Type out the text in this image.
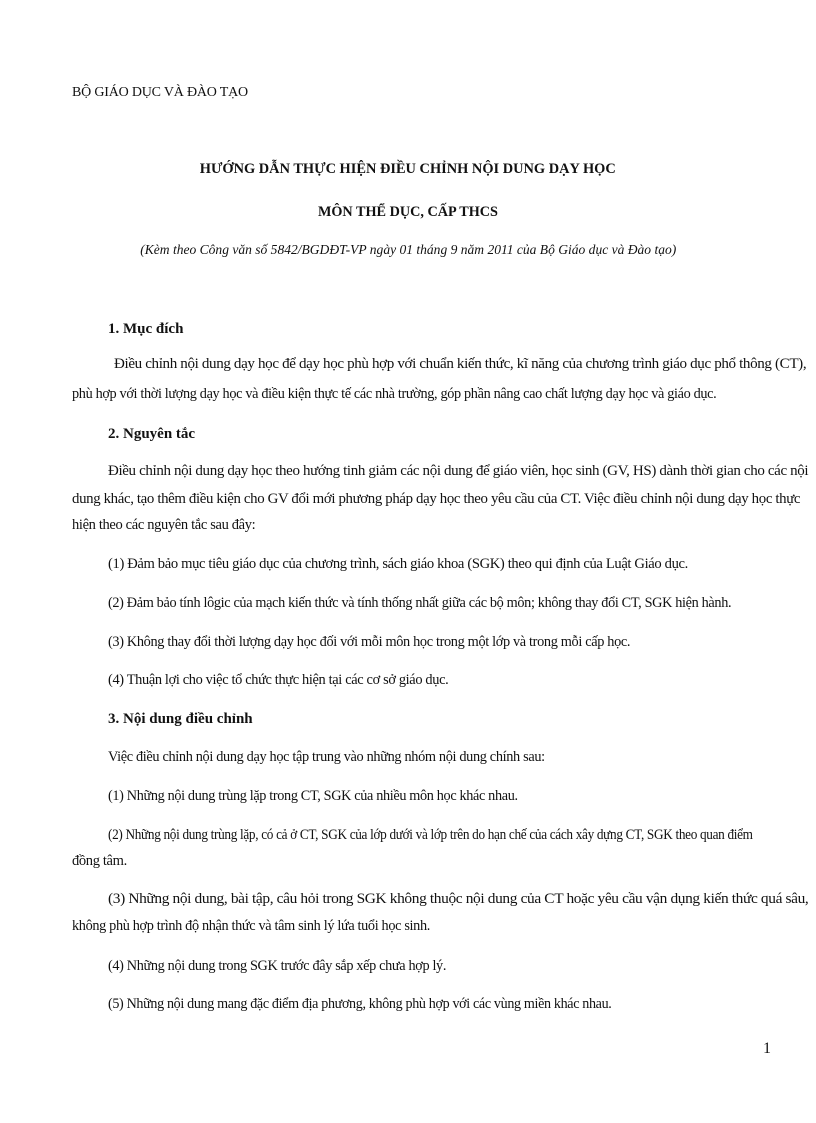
BỘ GIÁO DỤC VÀ ĐÀO TẠO
HƯỚNG DẪN THỰC HIỆN ĐIỀU CHỈNH NỘI DUNG DẠY HỌC
MÔN THỂ DỤC, CẤP THCS
(Kèm theo Công văn số 5842/BGDĐT-VP ngày 01 tháng 9 năm 2011 của Bộ Giáo dục và Đào tạo)
1. Mục đích
Điều chỉnh nội dung dạy học để dạy học phù hợp với chuẩn kiến thức, kĩ năng của chương trình giáo dục phổ thông (CT),
phù hợp với thời lượng dạy học và điều kiện thực tế các nhà trường, góp phần nâng cao chất lượng dạy học và giáo dục.
2. Nguyên tắc
Điều chỉnh nội dung dạy học theo hướng tinh giảm các nội dung để giáo viên, học sinh (GV, HS) dành thời gian cho các nội
dung khác, tạo thêm điều kiện cho GV đổi mới phương pháp dạy học theo yêu cầu của CT. Việc điều chỉnh nội dung dạy học thực
hiện theo các nguyên tắc sau đây:
(1) Đảm bảo mục tiêu giáo dục của chương trình, sách giáo khoa (SGK) theo qui định của Luật Giáo dục.
(2) Đảm bảo tính lôgic của mạch kiến thức và tính thống nhất giữa các bộ môn; không thay đổi CT, SGK hiện hành.
(3) Không thay đổi thời lượng dạy học đối với mỗi môn học trong một lớp và trong mỗi cấp học.
(4) Thuận lợi cho việc tổ chức thực hiện tại các cơ sở giáo dục.
3. Nội dung điều chỉnh
Việc điều chỉnh nội dung dạy học tập trung vào những nhóm nội dung chính sau:
(1) Những nội dung trùng lặp trong CT, SGK của nhiều môn học khác nhau.
(2) Những nội dung trùng lặp, có cả ở CT, SGK của lớp dưới và lớp trên do hạn chế của cách xây dựng CT, SGK theo quan điểm
đồng tâm.
(3) Những nội dung, bài tập, câu hỏi trong SGK không thuộc nội dung của CT hoặc yêu cầu vận dụng kiến thức quá sâu,
không phù hợp trình độ nhận thức và tâm sinh lý lứa tuổi học sinh.
(4) Những nội dung trong SGK trước đây sắp xếp chưa hợp lý.
(5) Những nội dung mang đặc điểm địa phương, không phù hợp với các vùng miền khác nhau.
1
